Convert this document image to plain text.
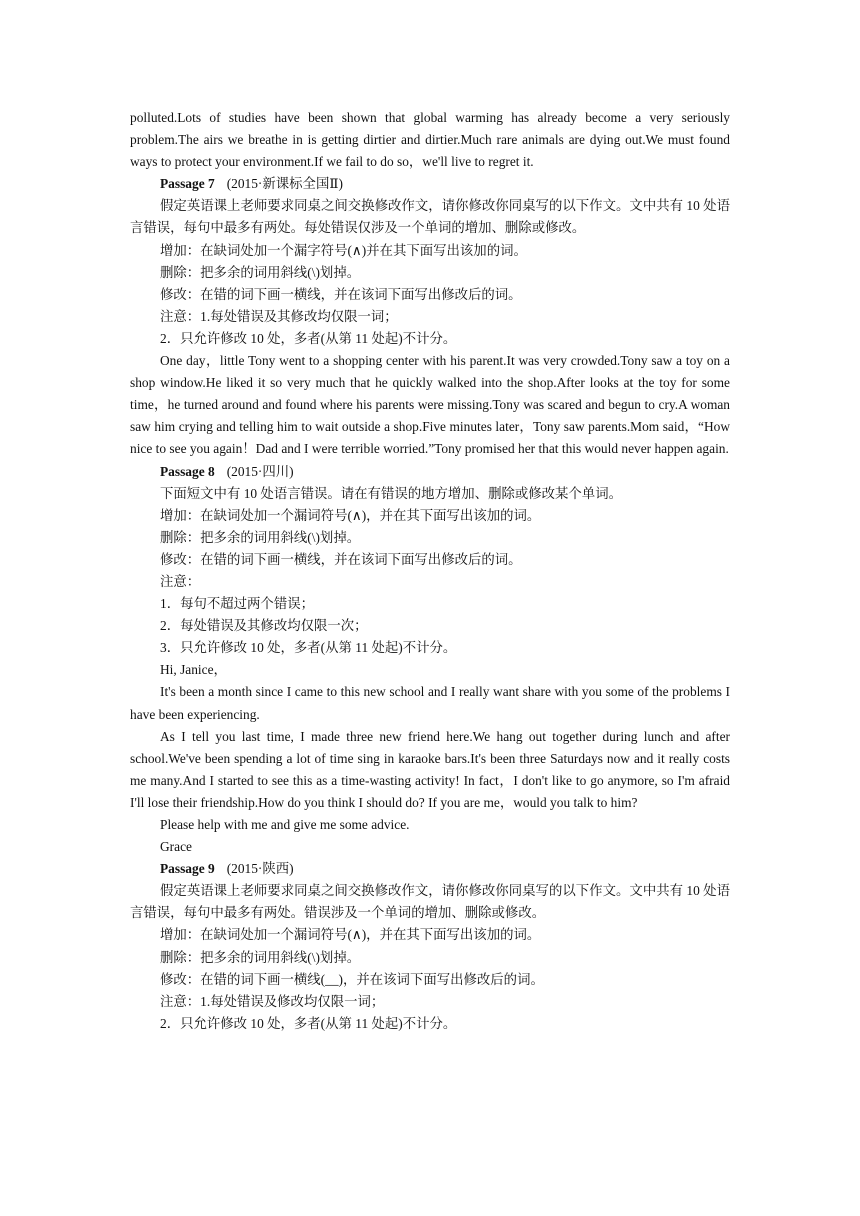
polluted.Lots of studies have been shown that global warming has already become a very seriously problem.The airs we breathe in is getting dirtier and dirtier.Much rare animals are dying out.We must found ways to protect your environment.If we fail to do so，we'll live to regret it.

Passage 7 (2015·新课标全国Ⅱ)

假定英语课上老师要求同桌之间交换修改作文，请你修改你同桌写的以下作文。文中共有 10 处语言错误，每句中最多有两处。每处错误仅涉及一个单词的增加、删除或修改。

增加：在缺词处加一个漏字符号(∧)并在其下面写出该加的词。

删除：把多余的词用斜线(\)划掉。

修改：在错的词下画一横线，并在该词下面写出修改后的词。

注意：1.每处错误及其修改均仅限一词；

2．只允许修改 10 处，多者(从第 11 处起)不计分。

One day，little Tony went to a shopping center with his parent.It was very crowded.Tony saw a toy on a shop window.He liked it so very much that he quickly walked into the shop.After looks at the toy for some time，he turned around and found where his parents were missing.Tony was scared and begun to cry.A woman saw him crying and telling him to wait outside a shop.Five minutes later，Tony saw parents.Mom said，“How nice to see you again！Dad and I were terrible worried.”Tony promised her that this would never happen again.

Passage 8 (2015·四川)

下面短文中有 10 处语言错误。请在有错误的地方增加、删除或修改某个单词。

增加：在缺词处加一个漏词符号(∧)，并在其下面写出该加的词。

删除：把多余的词用斜线(\)划掉。

修改：在错的词下画一横线，并在该词下面写出修改后的词。

注意：

1．每句不超过两个错误；

2．每处错误及其修改均仅限一次；

3．只允许修改 10 处，多者(从第 11 处起)不计分。

Hi, Janice，

It's been a month since I came to this new school and I really want share with you some of the problems I have been experiencing.

As I tell you last time, I made three new friend here.We hang out together during lunch and after school.We've been spending a lot of time sing in karaoke bars.It's been three Saturdays now and it really costs me many.And I started to see this as a time-wasting activity! In fact，I don't like to go anymore, so I'm afraid I'll lose their friendship.How do you think I should do? If you are me，would you talk to him?

Please help with me and give me some advice.

Grace

Passage 9 (2015·陕西)

假定英语课上老师要求同桌之间交换修改作文，请你修改你同桌写的以下作文。文中共有 10 处语言错误，每句中最多有两处。错误涉及一个单词的增加、删除或修改。

增加：在缺词处加一个漏词符号(∧)，并在其下面写出该加的词。

删除：把多余的词用斜线(\)划掉。

修改：在错的词下画一横线(__)，并在该词下面写出修改后的词。

注意：1.每处错误及修改均仅限一词；

2．只允许修改 10 处，多者(从第 11 处起)不计分。
